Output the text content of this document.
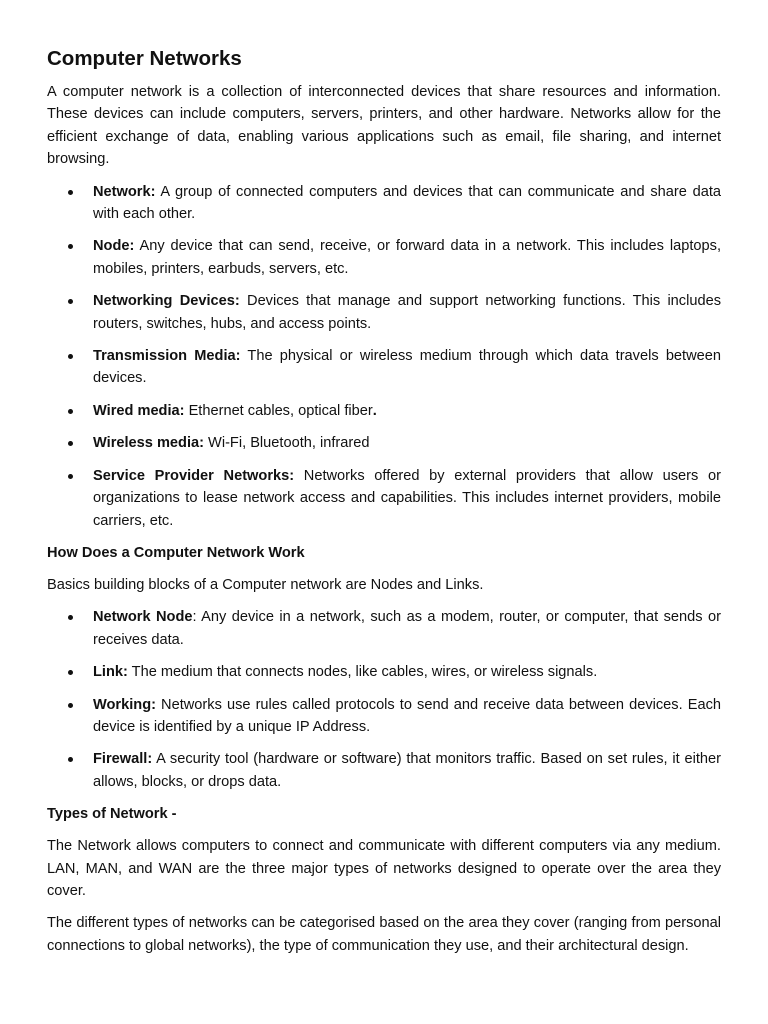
Computer Networks

A computer network is a collection of interconnected devices that share resources and information. These devices can include computers, servers, printers, and other hardware. Networks allow for the efficient exchange of data, enabling various applications such as email, file sharing, and internet browsing.

Network: A group of connected computers and devices that can communicate and share data with each other.
Node: Any device that can send, receive, or forward data in a network. This includes laptops, mobiles, printers, earbuds, servers, etc.
Networking Devices: Devices that manage and support networking functions. This includes routers, switches, hubs, and access points.
Transmission Media: The physical or wireless medium through which data travels between devices.
Wired media: Ethernet cables, optical fiber.
Wireless media: Wi-Fi, Bluetooth, infrared
Service Provider Networks: Networks offered by external providers that allow users or organizations to lease network access and capabilities. This includes internet providers, mobile carriers, etc.
How Does a Computer Network Work

Basics building blocks of a Computer network are Nodes and Links.

Network Node: Any device in a network, such as a modem, router, or computer, that sends or receives data.
Link: The medium that connects nodes, like cables, wires, or wireless signals.
Working: Networks use rules called protocols to send and receive data between devices. Each device is identified by a unique IP Address.
Firewall: A security tool (hardware or software) that monitors traffic. Based on set rules, it either allows, blocks, or drops data.
Types of Network -

The Network allows computers to connect and communicate with different computers via any medium. LAN, MAN, and WAN are the three major types of networks designed to operate over the area they cover.

The different types of networks can be categorised based on the area they cover (ranging from personal connections to global networks), the type of communication they use, and their architectural design.
